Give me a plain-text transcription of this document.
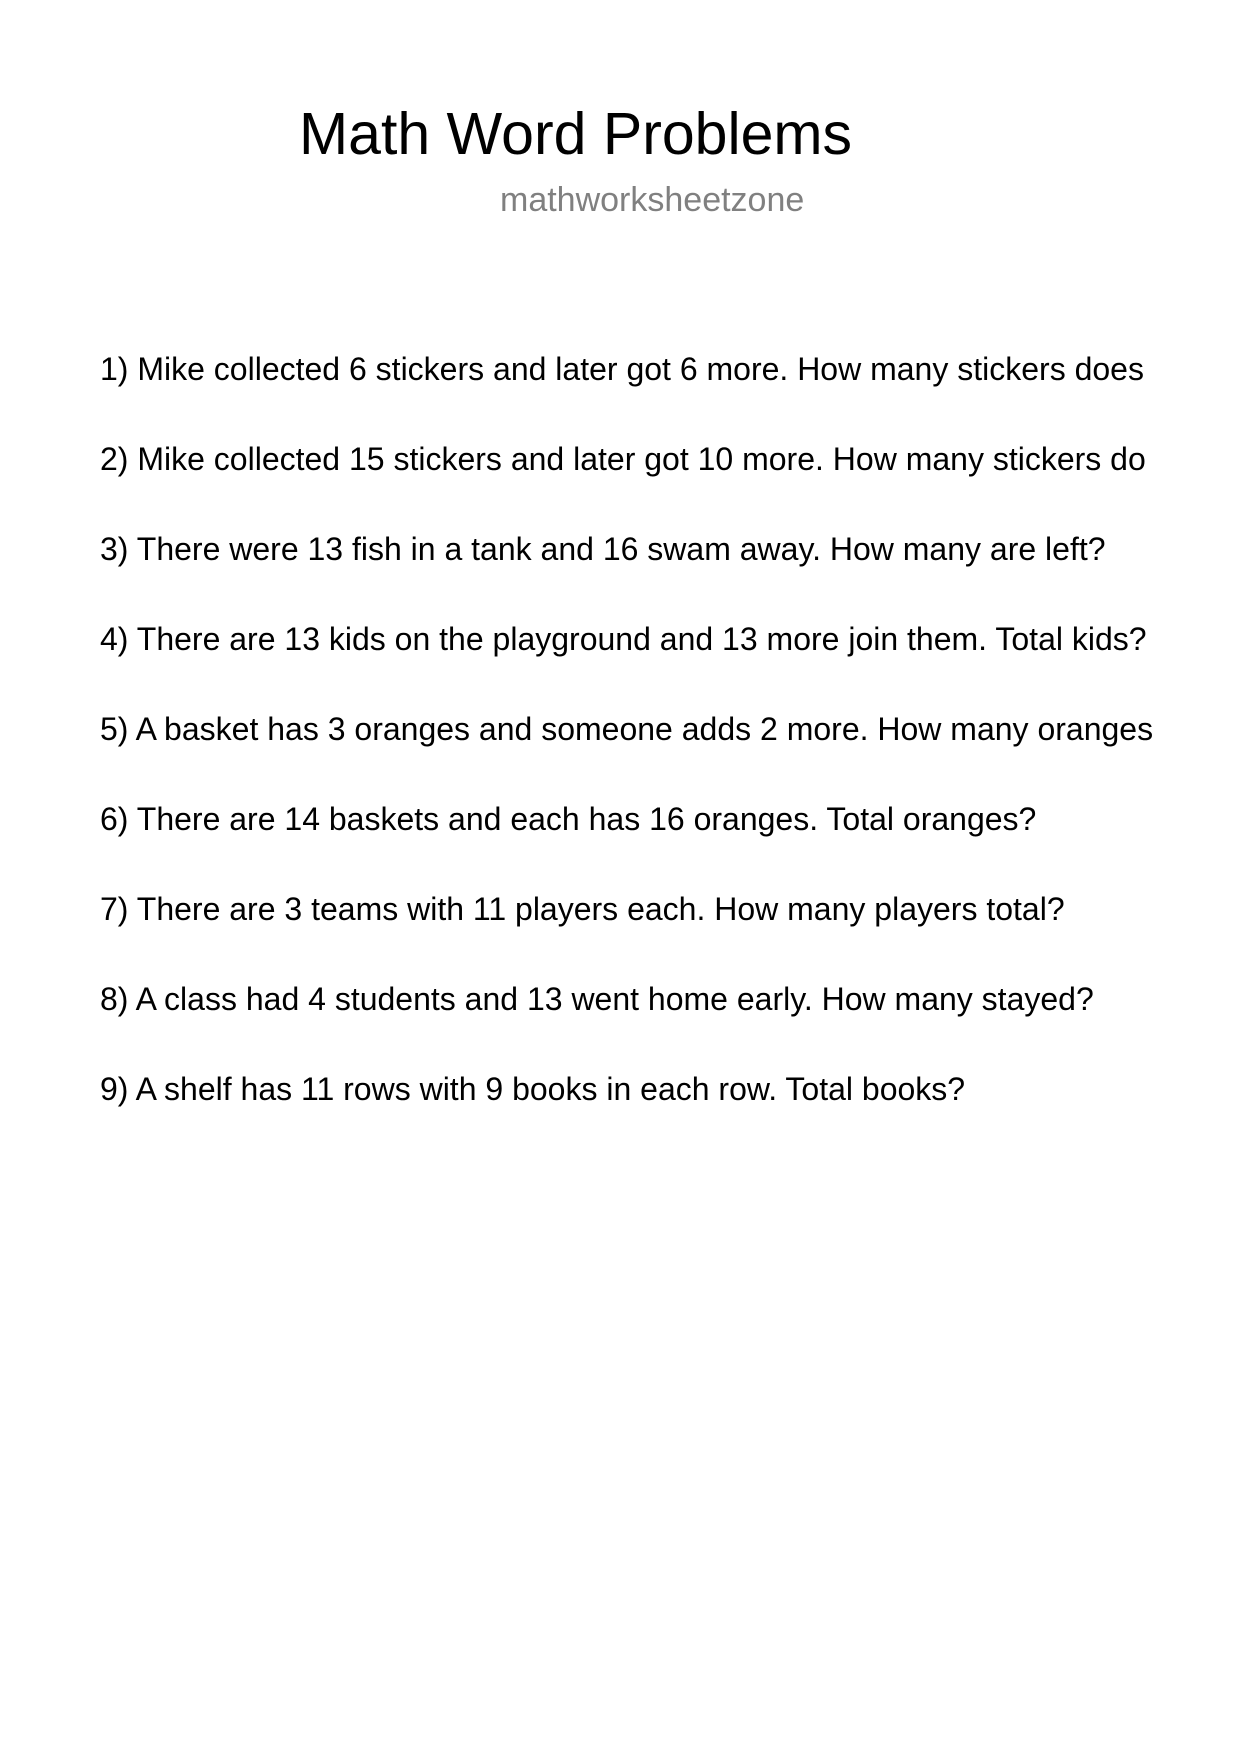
Math Word Problems
mathworksheetzone
1) Mike collected 6 stickers and later got 6 more. How many stickers does
2) Mike collected 15 stickers and later got 10 more. How many stickers do
3) There were 13 fish in a tank and 16 swam away. How many are left?
4) There are 13 kids on the playground and 13 more join them. Total kids?
5) A basket has 3 oranges and someone adds 2 more. How many oranges
6) There are 14 baskets and each has 16 oranges. Total oranges?
7) There are 3 teams with 11 players each. How many players total?
8) A class had 4 students and 13 went home early. How many stayed?
9) A shelf has 11 rows with 9 books in each row. Total books?
